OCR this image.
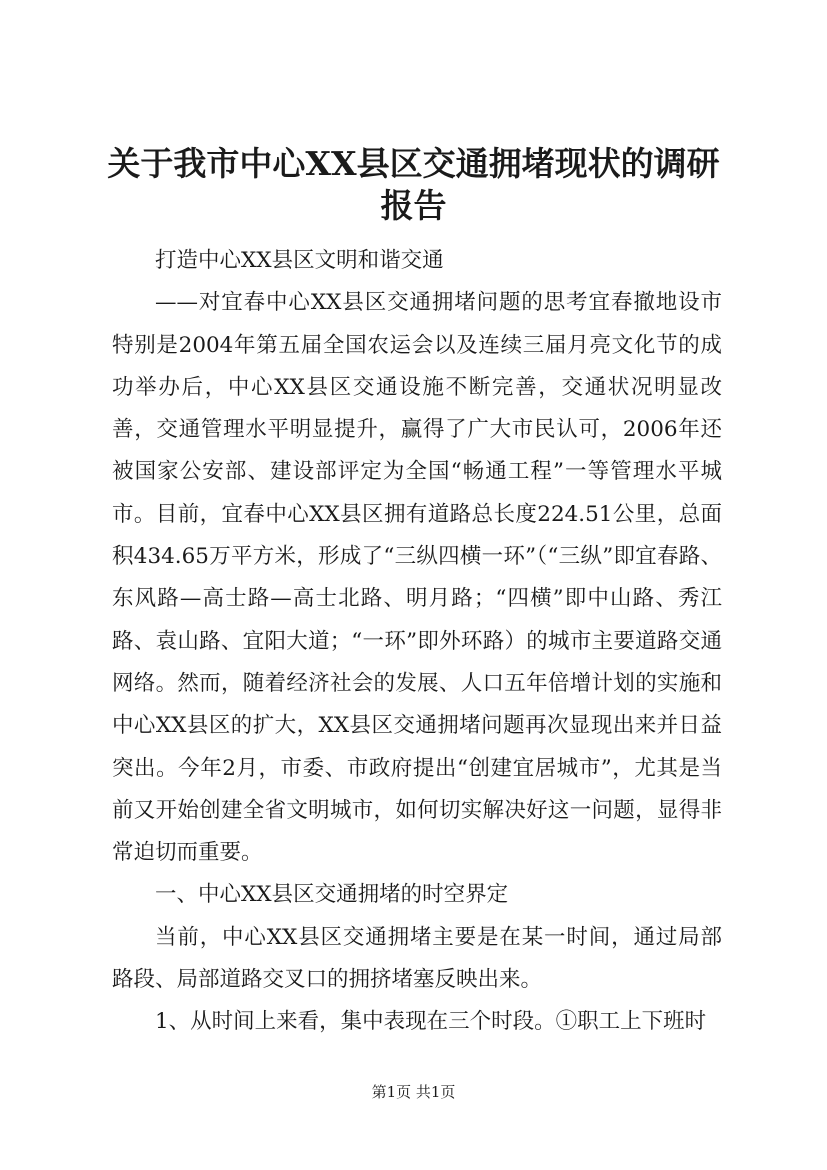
关于我市中心XX县区交通拥堵现状的调研报告

打造中心XX县区文明和谐交通

——对宜春中心XX县区交通拥堵问题的思考宜春撤地设市特别是2004年第五届全国农运会以及连续三届月亮文化节的成功举办后，中心XX县区交通设施不断完善，交通状况明显改善，交通管理水平明显提升，赢得了广大市民认可，2006年还被国家公安部、建设部评定为全国“畅通工程”一等管理水平城市。目前，宜春中心XX县区拥有道路总长度224.51公里，总面积434.65万平方米，形成了“三纵四横一环”（“三纵”即宜春路、东风路—高士路—高士北路、明月路；“四横”即中山路、秀江路、袁山路、宜阳大道；“一环”即外环路）的城市主要道路交通网络。然而，随着经济社会的发展、人口五年倍增计划的实施和中心XX县区的扩大，XX县区交通拥堵问题再次显现出来并日益突出。今年2月，市委、市政府提出“创建宜居城市”，尤其是当前又开始创建全省文明城市，如何切实解决好这一问题，显得非常迫切而重要。

一、中心XX县区交通拥堵的时空界定

当前，中心XX县区交通拥堵主要是在某一时间，通过局部路段、局部道路交叉口的拥挤堵塞反映出来。

1、从时间上来看，集中表现在三个时段。①职工上下班时

第1页 共1页
